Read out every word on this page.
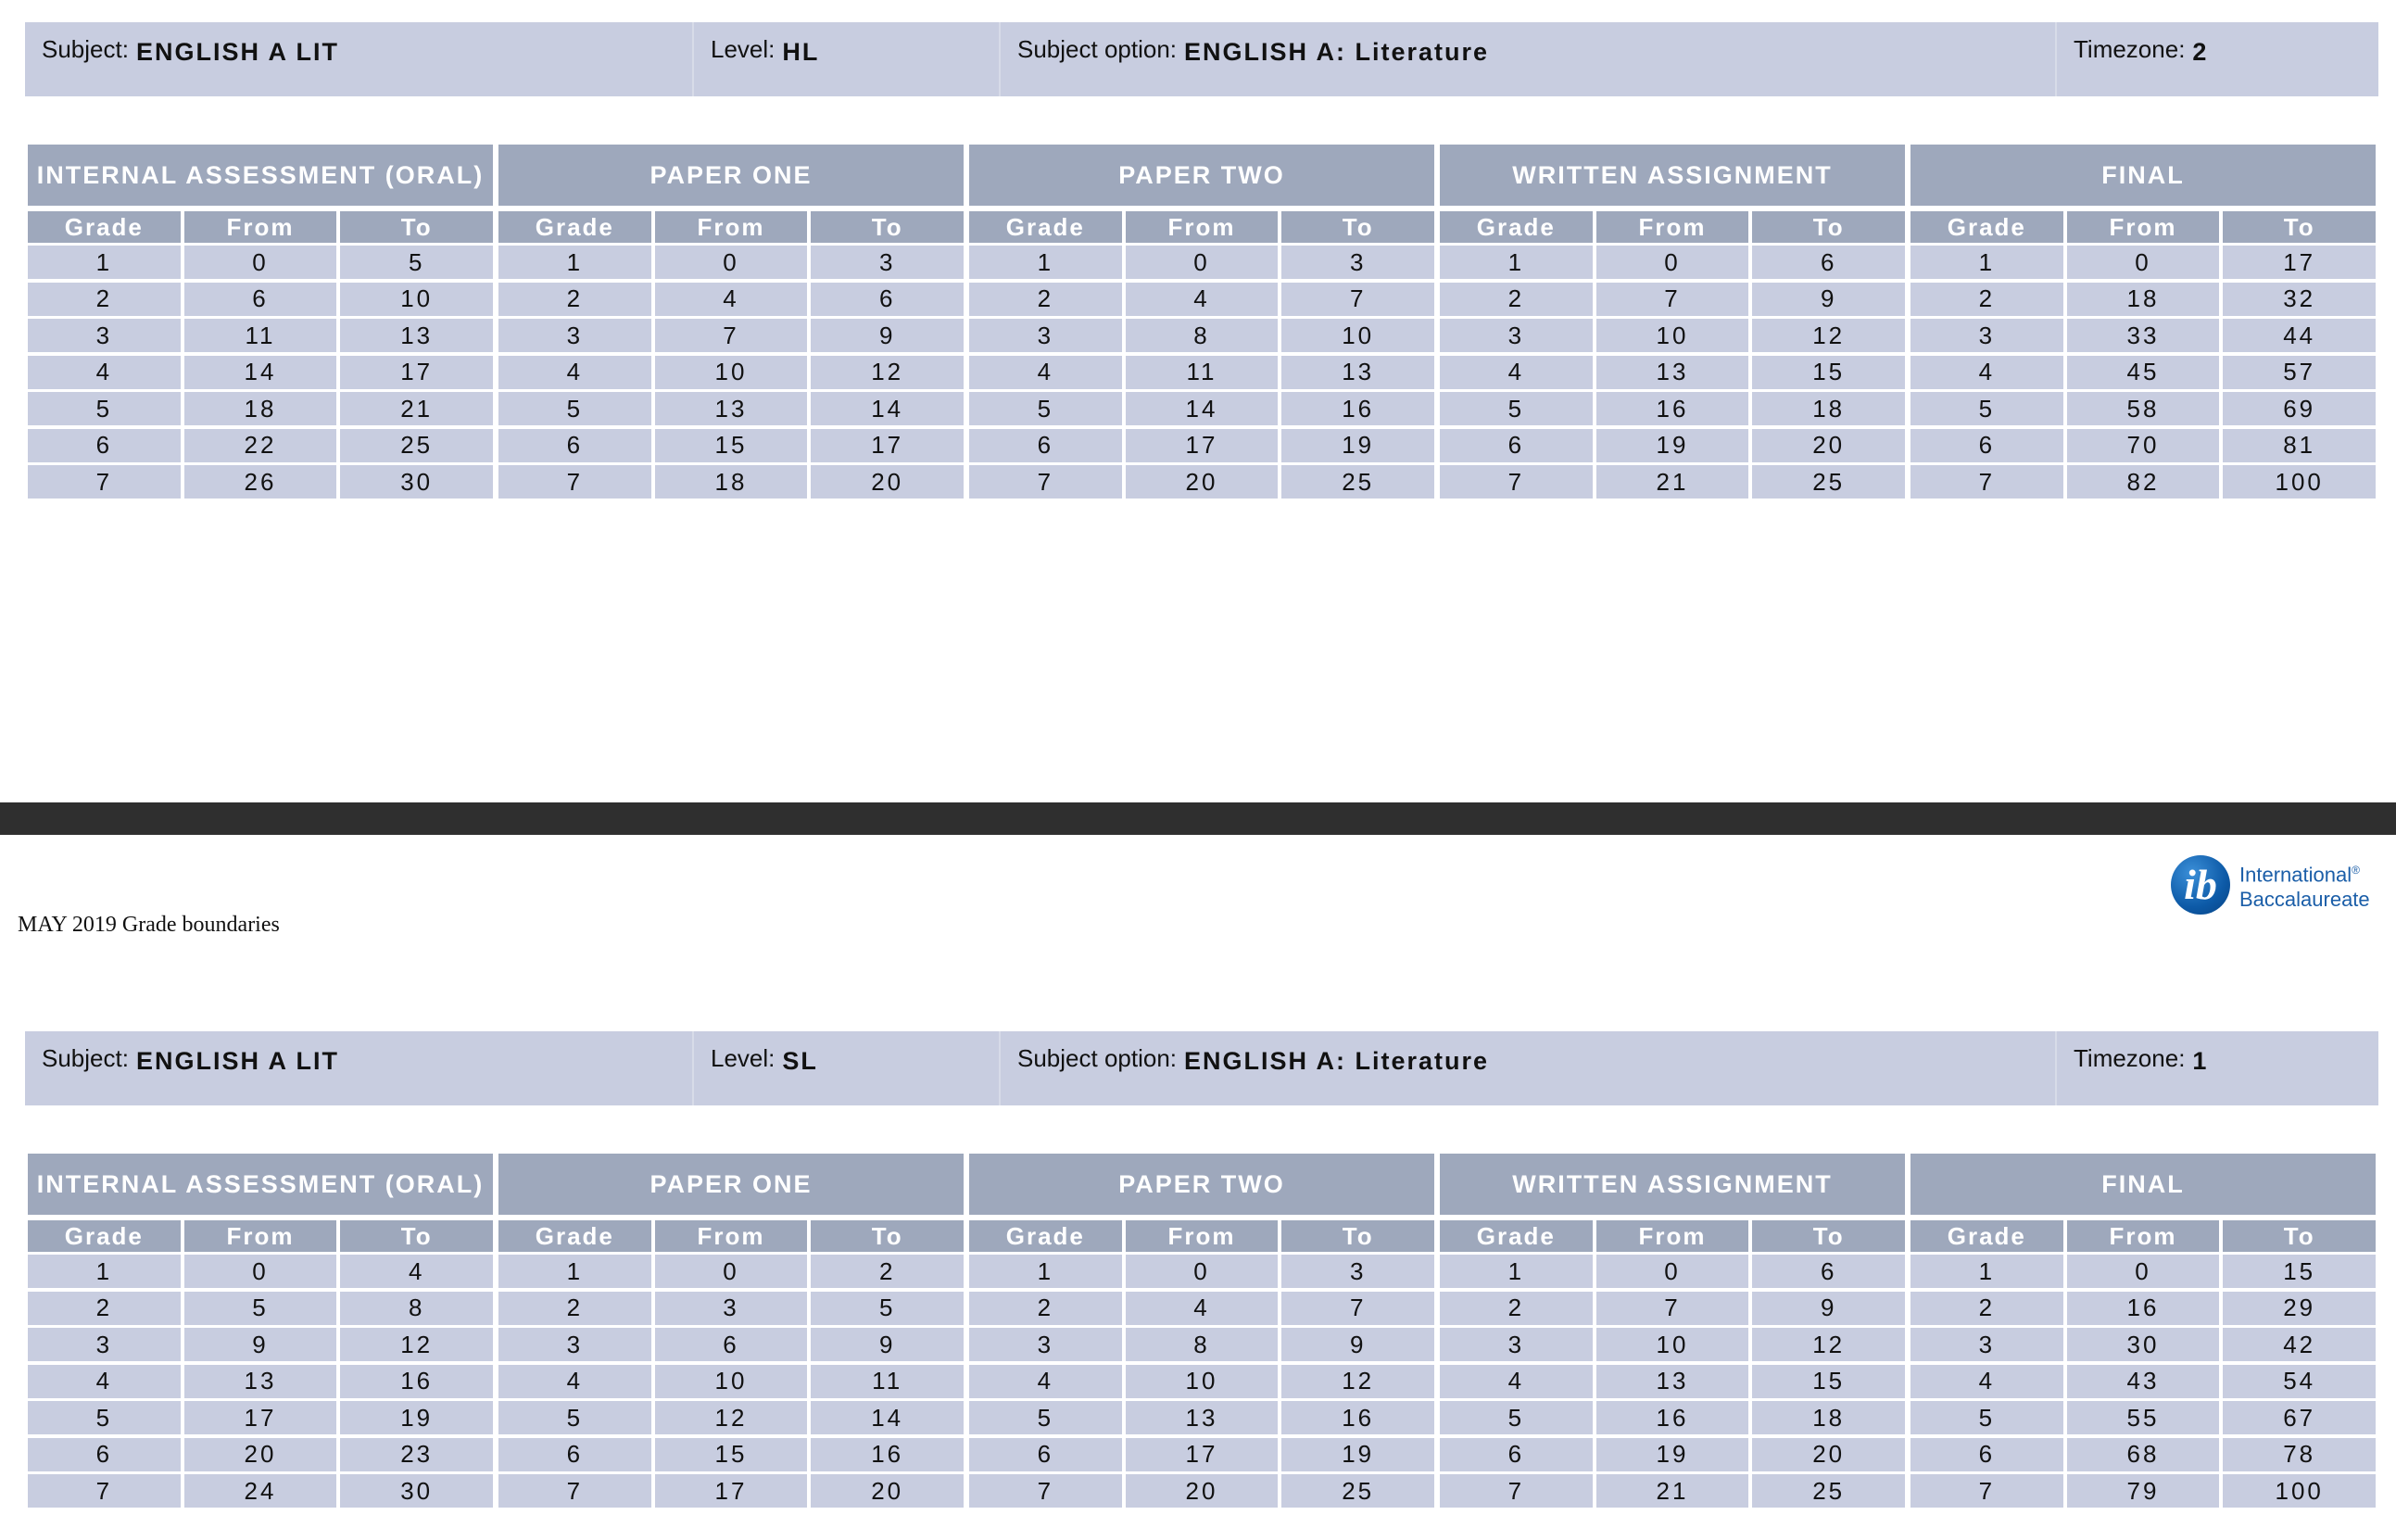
Subject: ENGLISH A LIT	Level: HL	Subject option: ENGLISH A: Literature	Timezone: 2
INTERNAL ASSESSMENT (ORAL)
Grade	From	To
1	0	5
2	6	10
3	11	13
4	14	17
5	18	21
6	22	25
7	26	30
PAPER ONE
Grade	From	To
1	0	3
2	4	6
3	7	9
4	10	12
5	13	14
6	15	17
7	18	20
PAPER TWO
Grade	From	To
1	0	3
2	4	7
3	8	10
4	11	13
5	14	16
6	17	19
7	20	25
WRITTEN ASSIGNMENT
Grade	From	To
1	0	6
2	7	9
3	10	12
4	13	15
5	16	18
6	19	20
7	21	25
FINAL
Grade	From	To
1	0	17
2	18	32
3	33	44
4	45	57
5	58	69
6	70	81
7	82	100
ib	International®
Baccalaureate
MAY 2019 Grade boundaries
Subject: ENGLISH A LIT	Level: SL	Subject option: ENGLISH A: Literature	Timezone: 1
INTERNAL ASSESSMENT (ORAL)
Grade	From	To
1	0	4
2	5	8
3	9	12
4	13	16
5	17	19
6	20	23
7	24	30
PAPER ONE
Grade	From	To
1	0	2
2	3	5
3	6	9
4	10	11
5	12	14
6	15	16
7	17	20
PAPER TWO
Grade	From	To
1	0	3
2	4	7
3	8	9
4	10	12
5	13	16
6	17	19
7	20	25
WRITTEN ASSIGNMENT
Grade	From	To
1	0	6
2	7	9
3	10	12
4	13	15
5	16	18
6	19	20
7	21	25
FINAL
Grade	From	To
1	0	15
2	16	29
3	30	42
4	43	54
5	55	67
6	68	78
7	79	100
